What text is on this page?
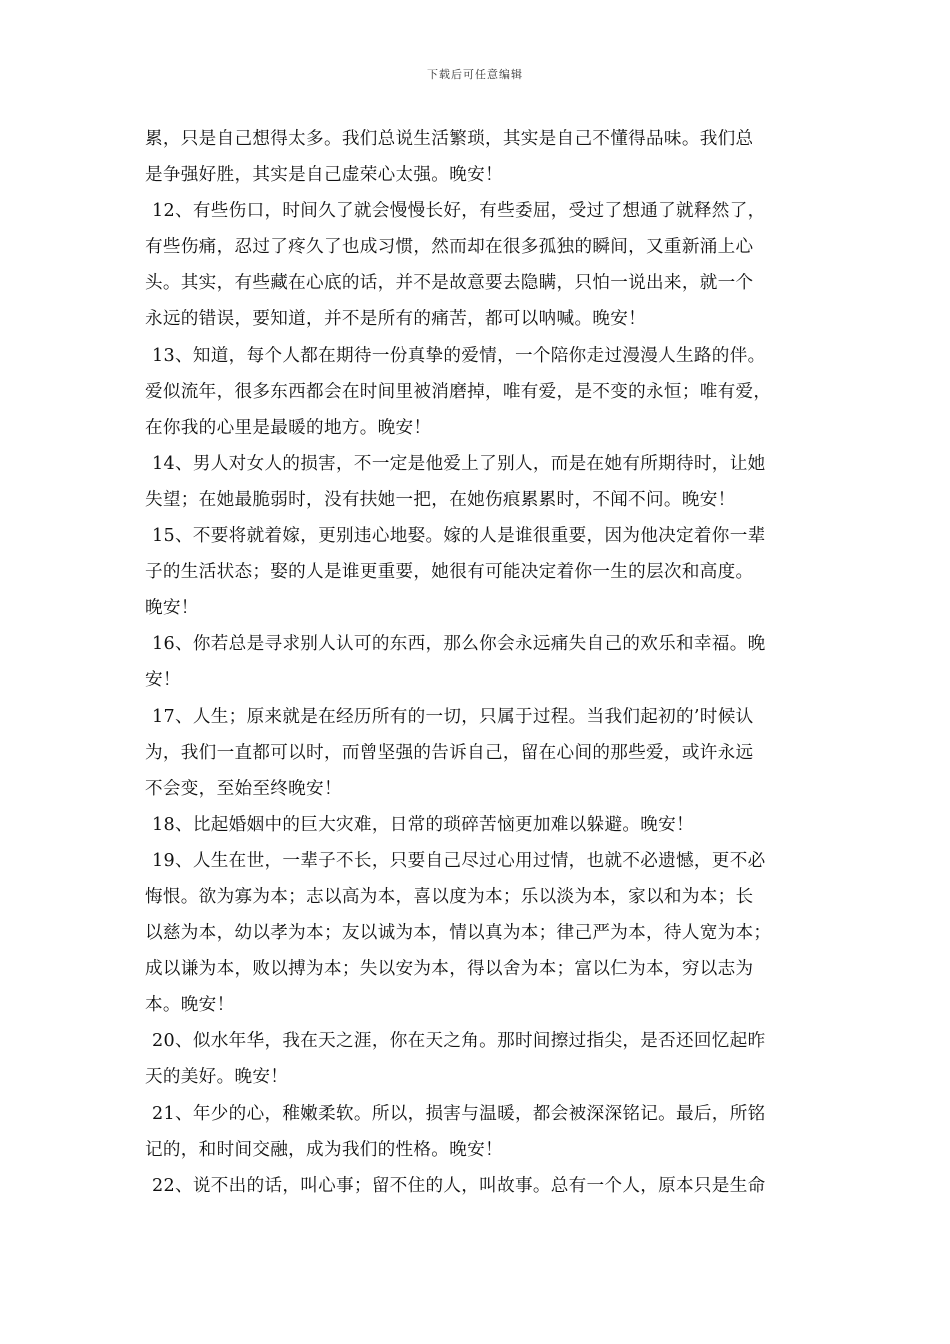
下载后可任意编辑
累，只是自己想得太多。我们总说生活繁琐，其实是自己不懂得品味。我们总
是争强好胜，其实是自己虚荣心太强。晚安！
12、有些伤口，时间久了就会慢慢长好，有些委屈，受过了想通了就释然了，
有些伤痛，忍过了疼久了也成习惯，然而却在很多孤独的瞬间，又重新涌上心
头。其实，有些藏在心底的话，并不是故意要去隐瞒，只怕一说出来，就一个
永远的错误，要知道，并不是所有的痛苦，都可以呐喊。晚安！
13、知道，每个人都在期待一份真挚的爱情，一个陪你走过漫漫人生路的伴。
爱似流年，很多东西都会在时间里被消磨掉，唯有爱，是不变的永恒；唯有爱，
在你我的心里是最暖的地方。晚安！
14、男人对女人的损害，不一定是他爱上了别人，而是在她有所期待时，让她
失望；在她最脆弱时，没有扶她一把，在她伤痕累累时，不闻不问。晚安！
15、不要将就着嫁，更别违心地娶。嫁的人是谁很重要，因为他决定着你一辈
子的生活状态；娶的人是谁更重要，她很有可能决定着你一生的层次和高度。
晚安！
16、你若总是寻求别人认可的东西，那么你会永远痛失自己的欢乐和幸福。晚
安！
17、人生；原来就是在经历所有的一切，只属于过程。当我们起初的’时候认
为，我们一直都可以时，而曾坚强的告诉自己，留在心间的那些爱，或许永远
不会变，至始至终晚安！
18、比起婚姻中的巨大灾难，日常的琐碎苦恼更加难以躲避。晚安！
19、人生在世，一辈子不长，只要自己尽过心用过情，也就不必遗憾，更不必
悔恨。欲为寡为本；志以高为本，喜以度为本；乐以淡为本，家以和为本；长
以慈为本，幼以孝为本；友以诚为本，情以真为本；律己严为本，待人宽为本；
成以谦为本，败以搏为本；失以安为本，得以舍为本；富以仁为本，穷以志为
本。晚安！
20、似水年华，我在天之涯，你在天之角。那时间擦过指尖，是否还回忆起昨
天的美好。晚安！
21、年少的心，稚嫩柔软。所以，损害与温暖，都会被深深铭记。最后，所铭
记的，和时间交融，成为我们的性格。晚安！
22、说不出的话，叫心事；留不住的人，叫故事。总有一个人，原本只是生命
